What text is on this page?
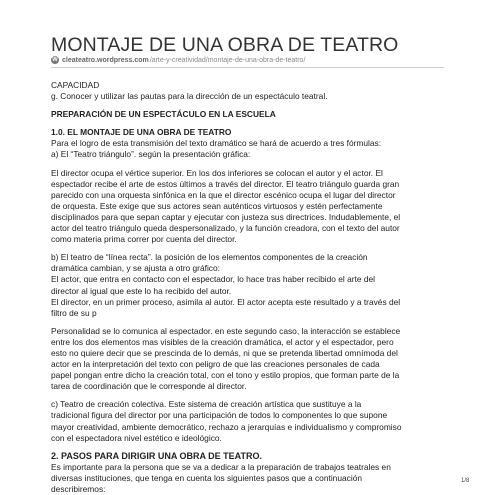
MONTAJE DE UNA OBRA DE TEATRO
W cleateatro.wordpress.com /arte-y-creatividad/montaje-de-una-obra-de-teatro/

CAPACIDAD

g. Conocer y utilizar las pautas para la dirección de un espectáculo teatral.

PREPARACIÓN DE UN ESPECTÁCULO EN LA ESCUELA

1.0. EL MONTAJE DE UNA OBRA DE TEATRO

Para el logro de esta transmisión del texto dramático se hará de acuerdo a tres fórmulas:

a) El “Teatro triángulo”. según la presentación gráfica:

El director ocupa el vértice superior. En los dos inferiores se colocan el autor y el actor. El

espectador recibe el arte de estos últimos a través del director. El teatro triángulo guarda gran

parecido con una orquesta sinfónica en la que el director escénico ocupa el lugar del director

de orquesta. Este exige que sus actores sean auténticos virtuosos y estén perfectamente

disciplinados para que sepan captar y ejecutar con justeza sus directrices. Indudablemente, el

actor del teatro triángulo queda despersonalizado, y la función creadora, con el texto del autor

como materia prima correr por cuenta del director.

b) El teatro de “línea recta”. la posición de los elementos componentes de la creación

dramática cambian, y se ajusta a otro gráfico:

El actor, que entra en contacto con el espectador, lo hace tras haber recibido el arte del

director al igual que este lo ha recibido del autor.

El director, en un primer proceso, asimila al autor. El actor acepta este resultado y a través del

filtro de su p

Personalidad se lo comunica al espectador. en este segundo caso, la interacción se establece

entre los dos elementos mas visibles de la creación dramática, el actor y el espectador, pero

esto no quiere decir que se prescinda de lo demás, ni que se pretenda libertad omnímoda del

actor en la interpretación del texto con peligro de que las creaciones personales de cada

papel pongan entre dicho la creación total, con el tono y estilo propios, que forman parte de la

tarea de coordinación que le corresponde al director.

c) Teatro de creación colectiva. Este sistema de creación artística que sustituye a la

tradicional figura del director por una participación de todos lo componentes lo que supone

mayor creatividad, ambiente democrático, rechazo a jerarquías e individualismo y compromiso

con el espectadora nivel estético e ideológico.

2. PASOS PARA DIRIGIR UNA OBRA DE TEATRO.

Es importante para la persona que se va a dedicar a la preparación de trabajos teatrales en

diversas instituciones, que tenga en cuenta los siguientes pasos que a continuación

describiremos:

1/8
